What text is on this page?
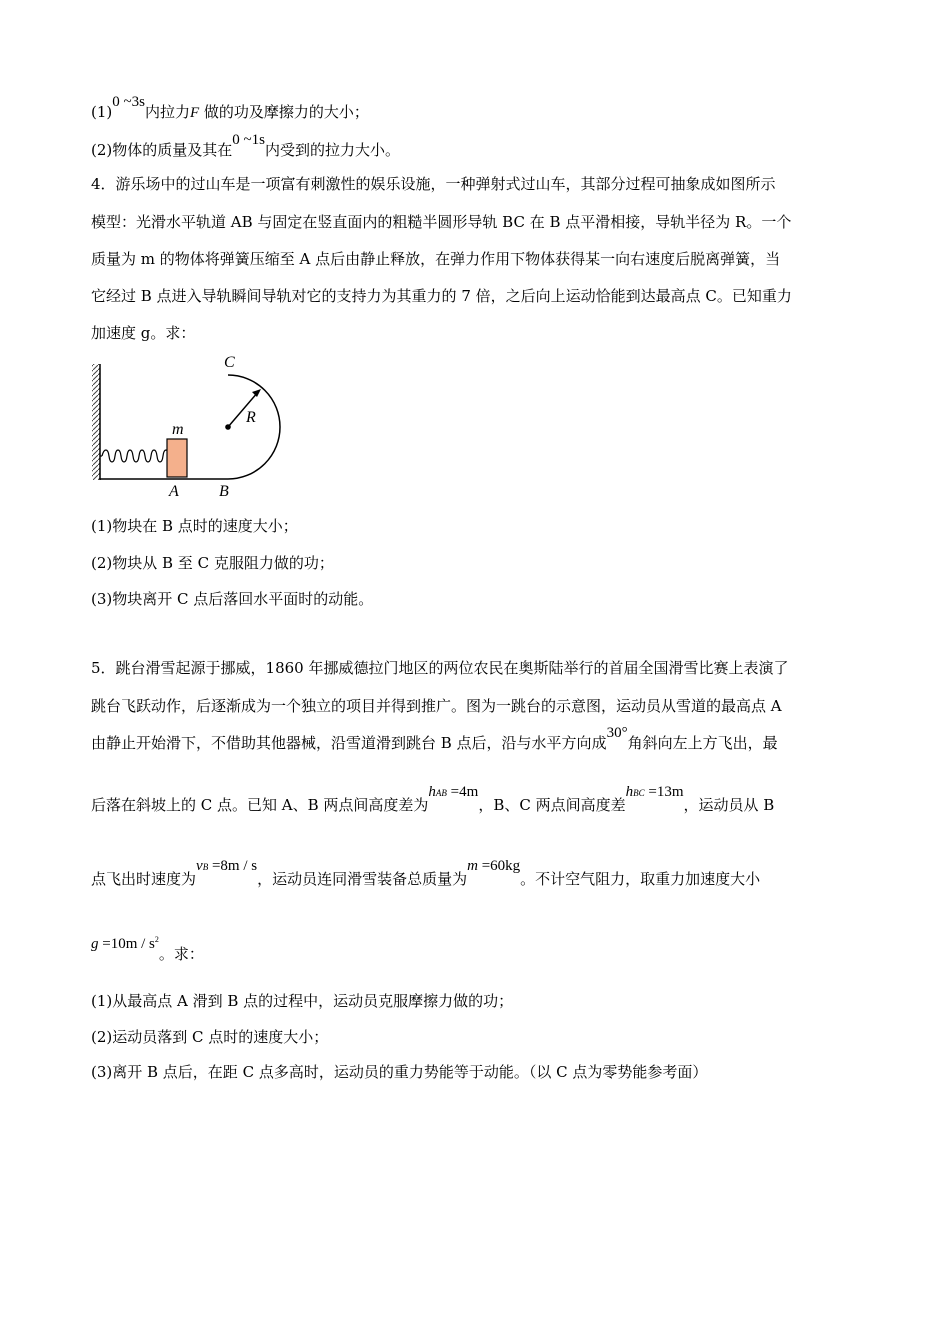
(1)0 ~3s内拉力F 做的功及摩擦力的大小；
(2)物体的质量及其在0 ~1s内受到的拉力大小。
4．游乐场中的过山车是一项富有刺激性的娱乐设施，一种弹射式过山车，其部分过程可抽象成如图所示
模型：光滑水平轨道 AB 与固定在竖直面内的粗糙半圆形导轨 BC 在 B 点平滑相接，导轨半径为 R。一个
质量为 m 的物体将弹簧压缩至 A 点后由静止释放，在弹力作用下物体获得某一向右速度后脱离弹簧，当
它经过 B 点进入导轨瞬间导轨对它的支持力为其重力的 7 倍，之后向上运动恰能到达最高点 C。已知重力
加速度 g。求：
C
R
m
A	B
(1)物块在 B 点时的速度大小；
(2)物块从 B 至 C 克服阻力做的功；
(3)物块离开 C 点后落回水平面时的动能。
5．跳台滑雪起源于挪威，1860 年挪威德拉门地区的两位农民在奥斯陆举行的首届全国滑雪比赛上表演了
跳台飞跃动作，后逐渐成为一个独立的项目并得到推广。图为一跳台的示意图，运动员从雪道的最高点 A
由静止开始滑下，不借助其他器械，沿雪道滑到跳台 B 点后，沿与水平方向成30°角斜向左上方飞出，最
后落在斜坡上的 C 点。已知 A、B 两点间高度差为hAB =4m，B、C 两点间高度差hBC =13m，运动员从 B
点飞出时速度为vB =8m / s，运动员连同滑雪装备总质量为m =60kg。不计空气阻力，取重力加速度大小
$g =10m / s^2$。求：
(1)从最高点 A 滑到 B 点的过程中，运动员克服摩擦力做的功；
(2)运动员落到 C 点时的速度大小；
(3)离开 B 点后，在距 C 点多高时，运动员的重力势能等于动能。（以 C 点为零势能参考面）
